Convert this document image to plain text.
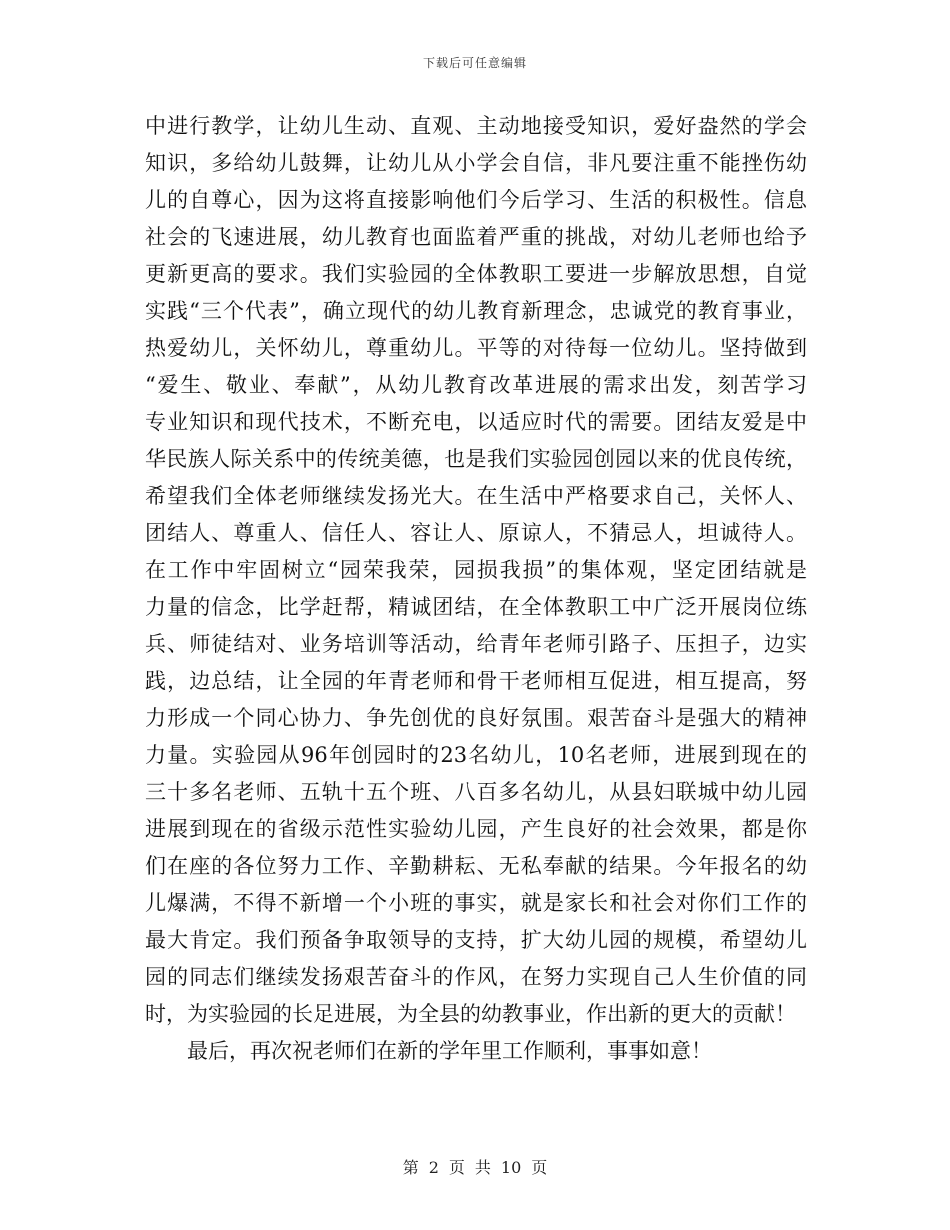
下载后可任意编辑
中进行教学，让幼儿生动、直观、主动地接受知识，爱好盎然的学会
知识，多给幼儿鼓舞，让幼儿从小学会自信，非凡要注重不能挫伤幼
儿的自尊心，因为这将直接影响他们今后学习、生活的积极性。信息
社会的飞速进展，幼儿教育也面监着严重的挑战，对幼儿老师也给予
更新更高的要求。我们实验园的全体教职工要进一步解放思想，自觉
实践“三个代表”，确立现代的幼儿教育新理念，忠诚党的教育事业，
热爱幼儿，关怀幼儿，尊重幼儿。平等的对待每一位幼儿。坚持做到
“爱生、敬业、奉献”，从幼儿教育改革进展的需求出发，刻苦学习
专业知识和现代技术，不断充电，以适应时代的需要。团结友爱是中
华民族人际关系中的传统美德，也是我们实验园创园以来的优良传统，
希望我们全体老师继续发扬光大。在生活中严格要求自己，关怀人、
团结人、尊重人、信任人、容让人、原谅人，不猜忌人，坦诚待人。
在工作中牢固树立“园荣我荣，园损我损”的集体观，坚定团结就是
力量的信念，比学赶帮，精诚团结，在全体教职工中广泛开展岗位练
兵、师徒结对、业务培训等活动，给青年老师引路子、压担子，边实
践，边总结，让全园的年青老师和骨干老师相互促进，相互提高，努
力形成一个同心协力、争先创优的良好氛围。艰苦奋斗是强大的精神
力量。实验园从96年创园时的23名幼儿，10名老师，进展到现在的
三十多名老师、五轨十五个班、八百多名幼儿，从县妇联城中幼儿园
进展到现在的省级示范性实验幼儿园，产生良好的社会效果，都是你
们在座的各位努力工作、辛勤耕耘、无私奉献的结果。今年报名的幼
儿爆满，不得不新增一个小班的事实，就是家长和社会对你们工作的
最大肯定。我们预备争取领导的支持，扩大幼儿园的规模，希望幼儿
园的同志们继续发扬艰苦奋斗的作风，在努力实现自己人生价值的同
时，为实验园的长足进展，为全县的幼教事业，作出新的更大的贡献！
最后，再次祝老师们在新的学年里工作顺利，事事如意！
第 2 页 共 10 页
